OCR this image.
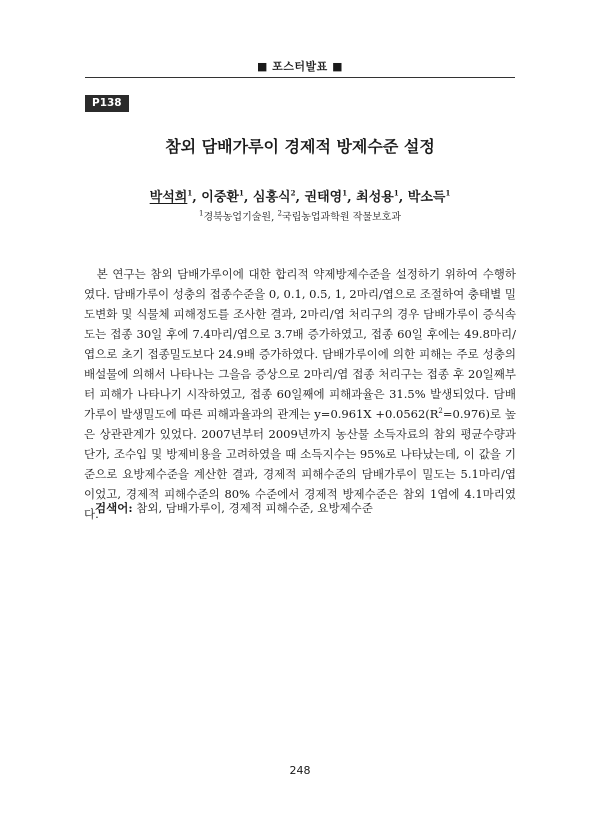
■ 포스터발표 ■
P138
참외 담배가루이 경제적 방제수준 설정
박석희$^1$, 이중환$^1$, 심홍식$^2$, 권태영$^1$, 최성용$^1$, 박소득$^1$
$^1$경북농업기술원, $^2$국립농업과학원 작물보호과

본 연구는 참외 담배가루이에 대한 합리적 약제방제수준을 설정하기 위하여 수행하였다. 담배가루이 성충의 접종수준을 0, 0.1, 0.5, 1, 2마리/엽으로 조절하여 충태별 밀도변화 및 식물체 피해정도를 조사한 결과, 2마리/엽 처리구의 경우 담배가루이 증식속도는 접종 30일 후에 7.4마리/엽으로 3.7배 증가하였고, 접종 60일 후에는 49.8마리/엽으로 초기 접종밀도보다 24.9배 증가하였다. 담배가루이에 의한 피해는 주로 성충의 배설물에 의해서 나타나는 그을음 증상으로 2마리/엽 접종 처리구는 접종 후 20일째부터 피해가 나타나기 시작하였고, 접종 60일째에 피해과율은 31.5% 발생되었다. 담배가루이 발생밀도에 따른 피해과율과의 관계는 $y=0.961X +0.0562(R^2=0.976)$로 높은 상관관계가 있었다. 2007년부터 2009년까지 농산물 소득자료의 참외 평균수량과 단가, 조수입 및 방제비용을 고려하였을 때 소득지수는 95%로 나타났는데, 이 값을 기준으로 요방제수준을 계산한 결과, 경제적 피해수준의 담배가루이 밀도는 5.1마리/엽이었고, 경제적 피해수준의 80% 수준에서 경제적 방제수준은 참외 1엽에 4.1마리였다.

검색어: 참외, 담배가루이, 경제적 피해수준, 요방제수준
248
